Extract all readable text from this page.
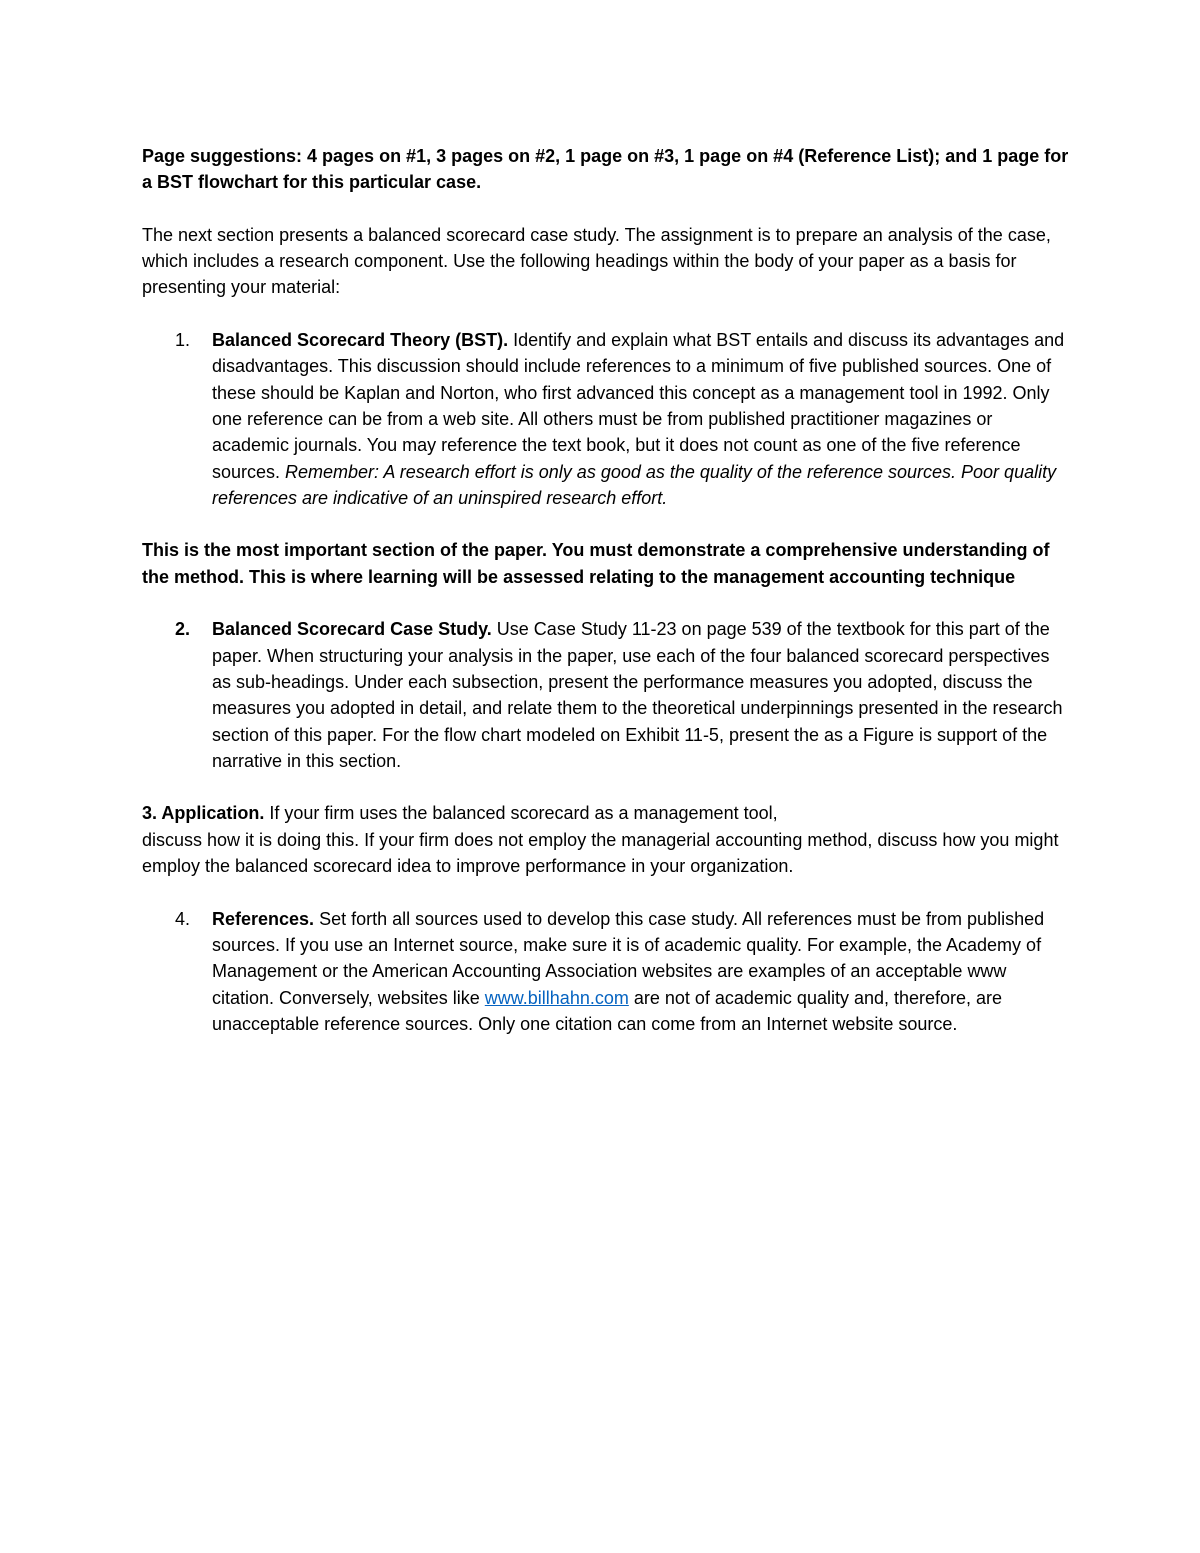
Page suggestions: 4 pages on #1, 3 pages on #2, 1 page on #3, 1 page on #4 (Reference List); and 1 page for a BST flowchart for this particular case.

The next section presents a balanced scorecard case study. The assignment is to prepare an analysis of the case, which includes a research component. Use the following headings within the body of your paper as a basis for presenting your material:

1. Balanced Scorecard Theory (BST). Identify and explain what BST entails and discuss its advantages and disadvantages. This discussion should include references to a minimum of five published sources. One of these should be Kaplan and Norton, who first advanced this concept as a management tool in 1992. Only one reference can be from a web site. All others must be from published practitioner magazines or academic journals. You may reference the text book, but it does not count as one of the five reference sources. Remember: A research effort is only as good as the quality of the reference sources. Poor quality references are indicative of an uninspired research effort.

This is the most important section of the paper. You must demonstrate a comprehensive understanding of the method. This is where learning will be assessed relating to the management accounting technique

2. Balanced Scorecard Case Study. Use Case Study 11-23 on page 539 of the textbook for this part of the paper. When structuring your analysis in the paper, use each of the four balanced scorecard perspectives as sub-headings. Under each subsection, present the performance measures you adopted, discuss the measures you adopted in detail, and relate them to the theoretical underpinnings presented in the research section of this paper. For the flow chart modeled on Exhibit 11-5, present the as a Figure is support of the narrative in this section.

3. Application. If your firm uses the balanced scorecard as a management tool,
discuss how it is doing this. If your firm does not employ the managerial accounting method, discuss how you might employ the balanced scorecard idea to improve performance in your organization.

4. References. Set forth all sources used to develop this case study. All references must be from published sources. If you use an Internet source, make sure it is of academic quality. For example, the Academy of Management or the American Accounting Association websites are examples of an acceptable www citation. Conversely, websites like www.billhahn.com are not of academic quality and, therefore, are unacceptable reference sources. Only one citation can come from an Internet website source.
